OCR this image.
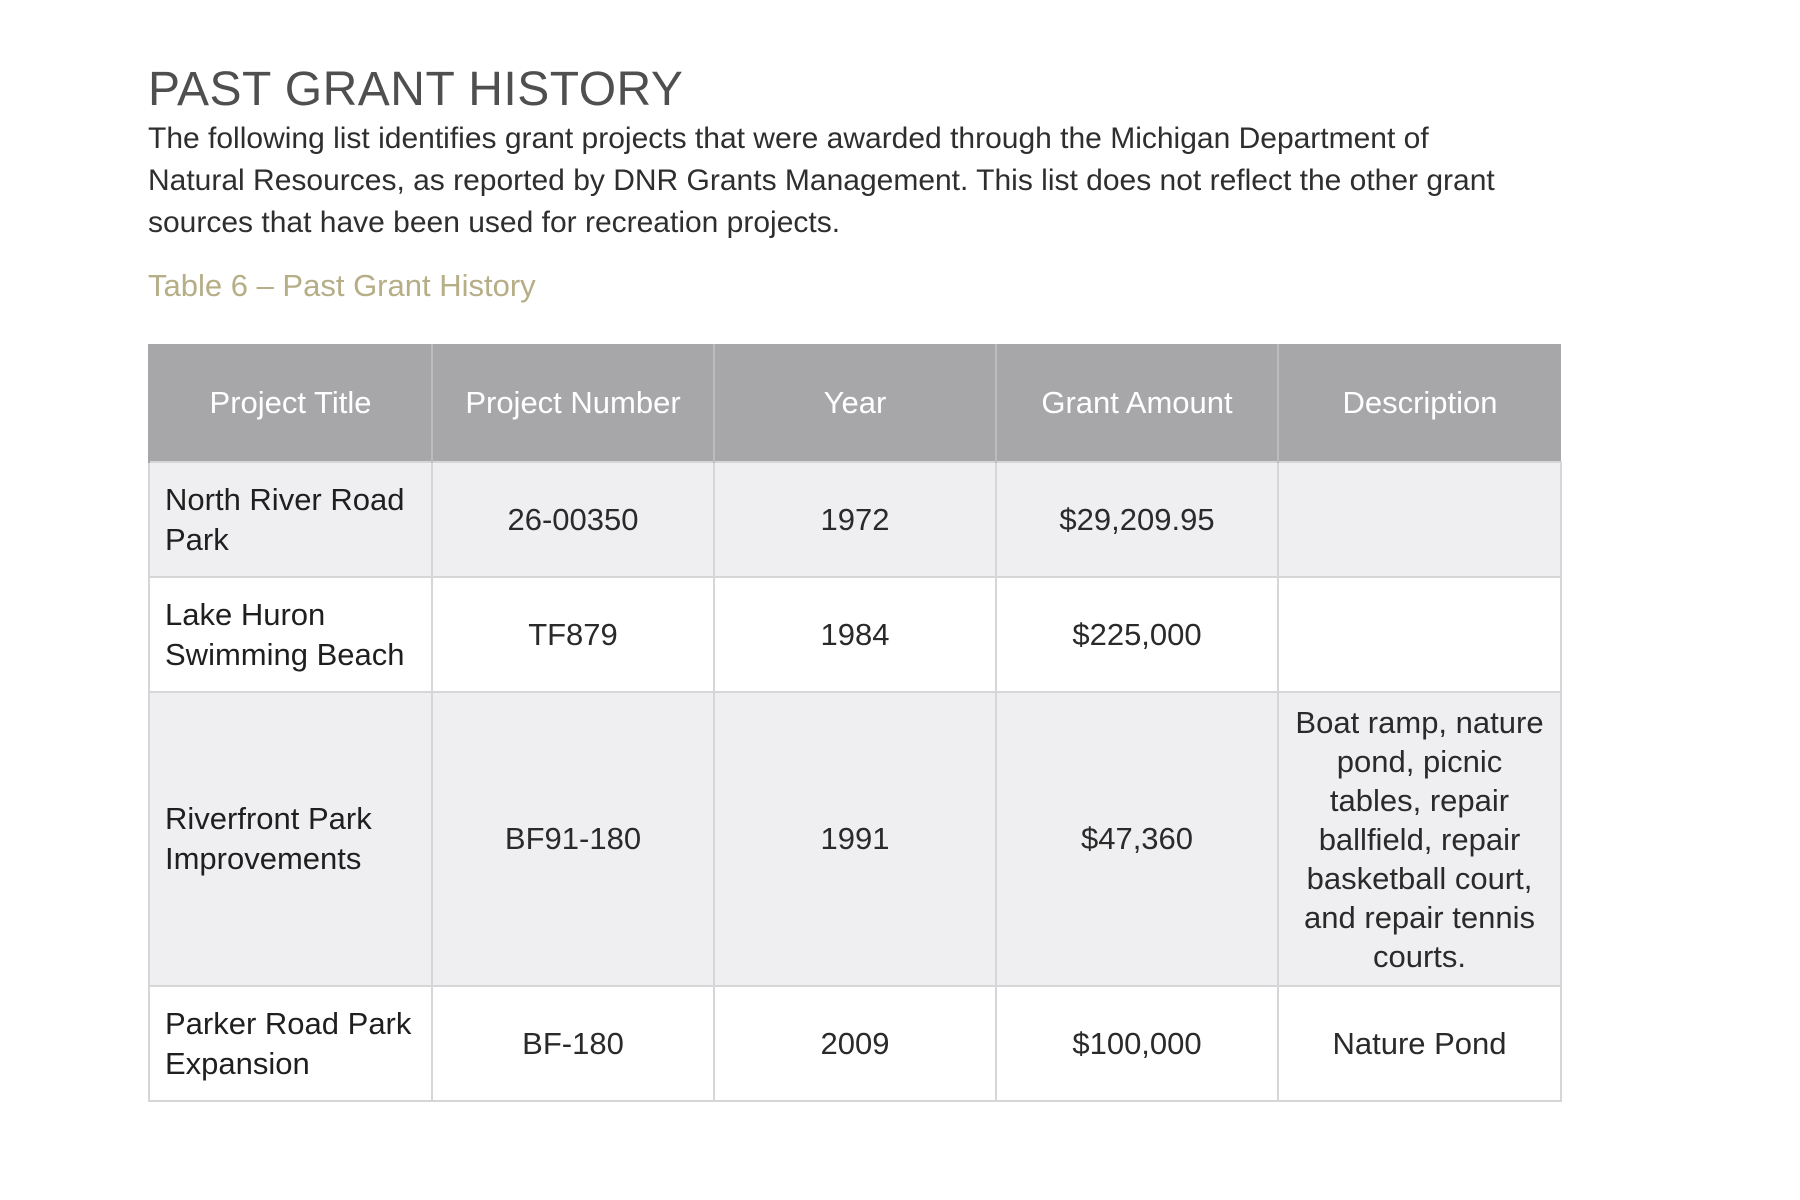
PAST GRANT HISTORY

The following list identifies grant projects that were awarded through the Michigan Department of Natural Resources, as reported by DNR Grants Management. This list does not reflect the other grant sources that have been used for recreation projects.

Table 6 – Past Grant History

Project Title	Project Number	Year	Grant Amount	Description
North River Road Park	26-00350	1972	$29,209.95	
Lake Huron Swimming Beach	TF879	1984	$225,000	
Riverfront Park Improvements	BF91-180	1991	$47,360	Boat ramp, nature pond, picnic tables, repair ballfield, repair basketball court, and repair tennis courts.
Parker Road Park Expansion	BF-180	2009	$100,000	Nature Pond
